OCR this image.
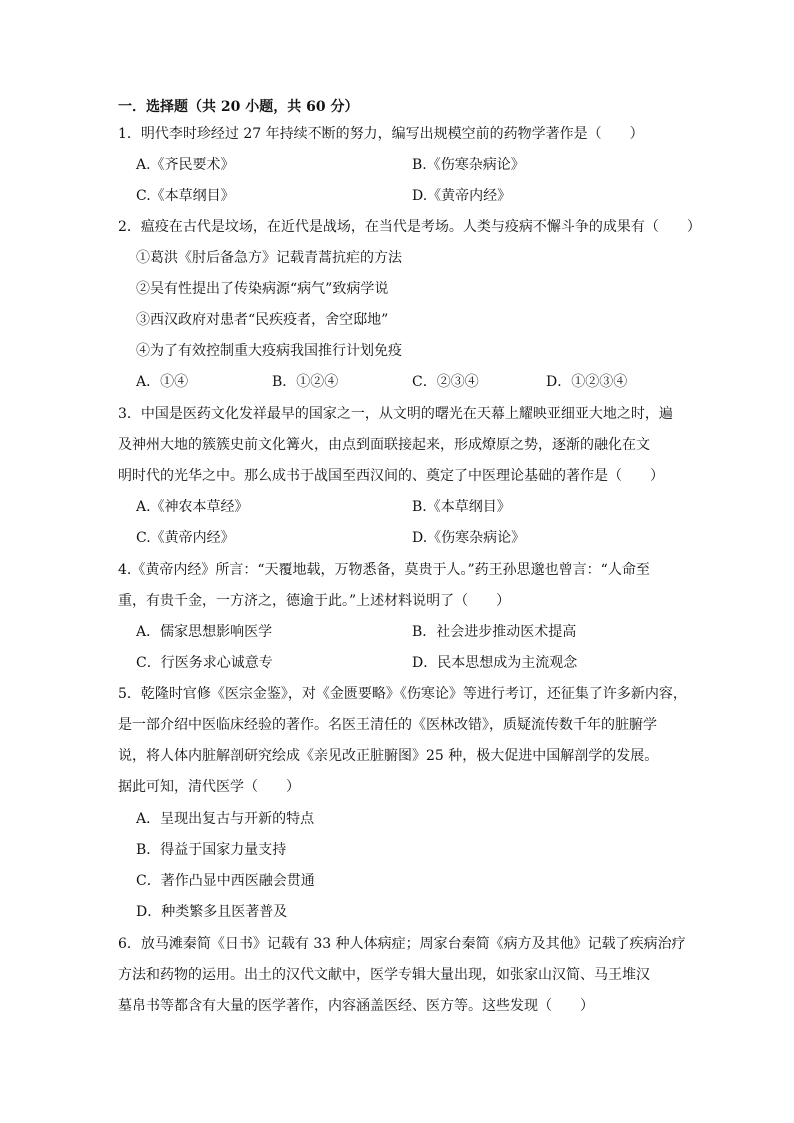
一．选择题（共 20 小题，共 60 分）
1．明代李时珍经过 27 年持续不断的努力，编写出规模空前的药物学著作是（　　）
A.《齐民要术》	B.《伤寒杂病论》
C.《本草纲目》	D.《黄帝内经》
2．瘟疫在古代是坟场，在近代是战场，在当代是考场。人类与疫病不懈斗争的成果有（　　）
①葛洪《肘后备急方》记载青蒿抗疟的方法
②吴有性提出了传染病源“病气”致病学说
③西汉政府对患者“民疾疫者，舍空邸地”
④为了有效控制重大疫病我国推行计划免疫
A．①④	B．①②④	C．②③④	D．①②③④
3．中国是医药文化发祥最早的国家之一，从文明的曙光在天幕上耀映亚细亚大地之时，遍
及神州大地的簇簇史前文化篝火，由点到面联接起来，形成燎原之势，逐渐的融化在文
明时代的光华之中。那么成书于战国至西汉间的、奠定了中医理论基础的著作是（　　）
A.《神农本草经》	B.《本草纲目》
C.《黄帝内经》	D.《伤寒杂病论》
4.《黄帝内经》所言：“天覆地载，万物悉备，莫贵于人。”药王孙思邈也曾言：“人命至
重，有贵千金，一方济之，德逾于此。”上述材料说明了（　　）
A．儒家思想影响医学	B．社会进步推动医术提高
C．行医务求心诚意专	D．民本思想成为主流观念
5．乾隆时官修《医宗金鉴》，对《金匮要略》《伤寒论》等进行考订，还征集了许多新内容，
是一部介绍中医临床经验的著作。名医王清任的《医林改错》，质疑流传数千年的脏腑学
说，将人体内脏解剖研究绘成《亲见改正脏腑图》25 种，极大促进中国解剖学的发展。
据此可知，清代医学（　　）
A．呈现出复古与开新的特点
B．得益于国家力量支持
C．著作凸显中西医融会贯通
D．种类繁多且医著普及
6．放马滩秦简《日书》记载有 33 种人体病症；周家台秦简《病方及其他》记载了疾病治疗
方法和药物的运用。出土的汉代文献中，医学专辑大量出现，如张家山汉简、马王堆汉
墓帛书等都含有大量的医学著作，内容涵盖医经、医方等。这些发现（　　）
